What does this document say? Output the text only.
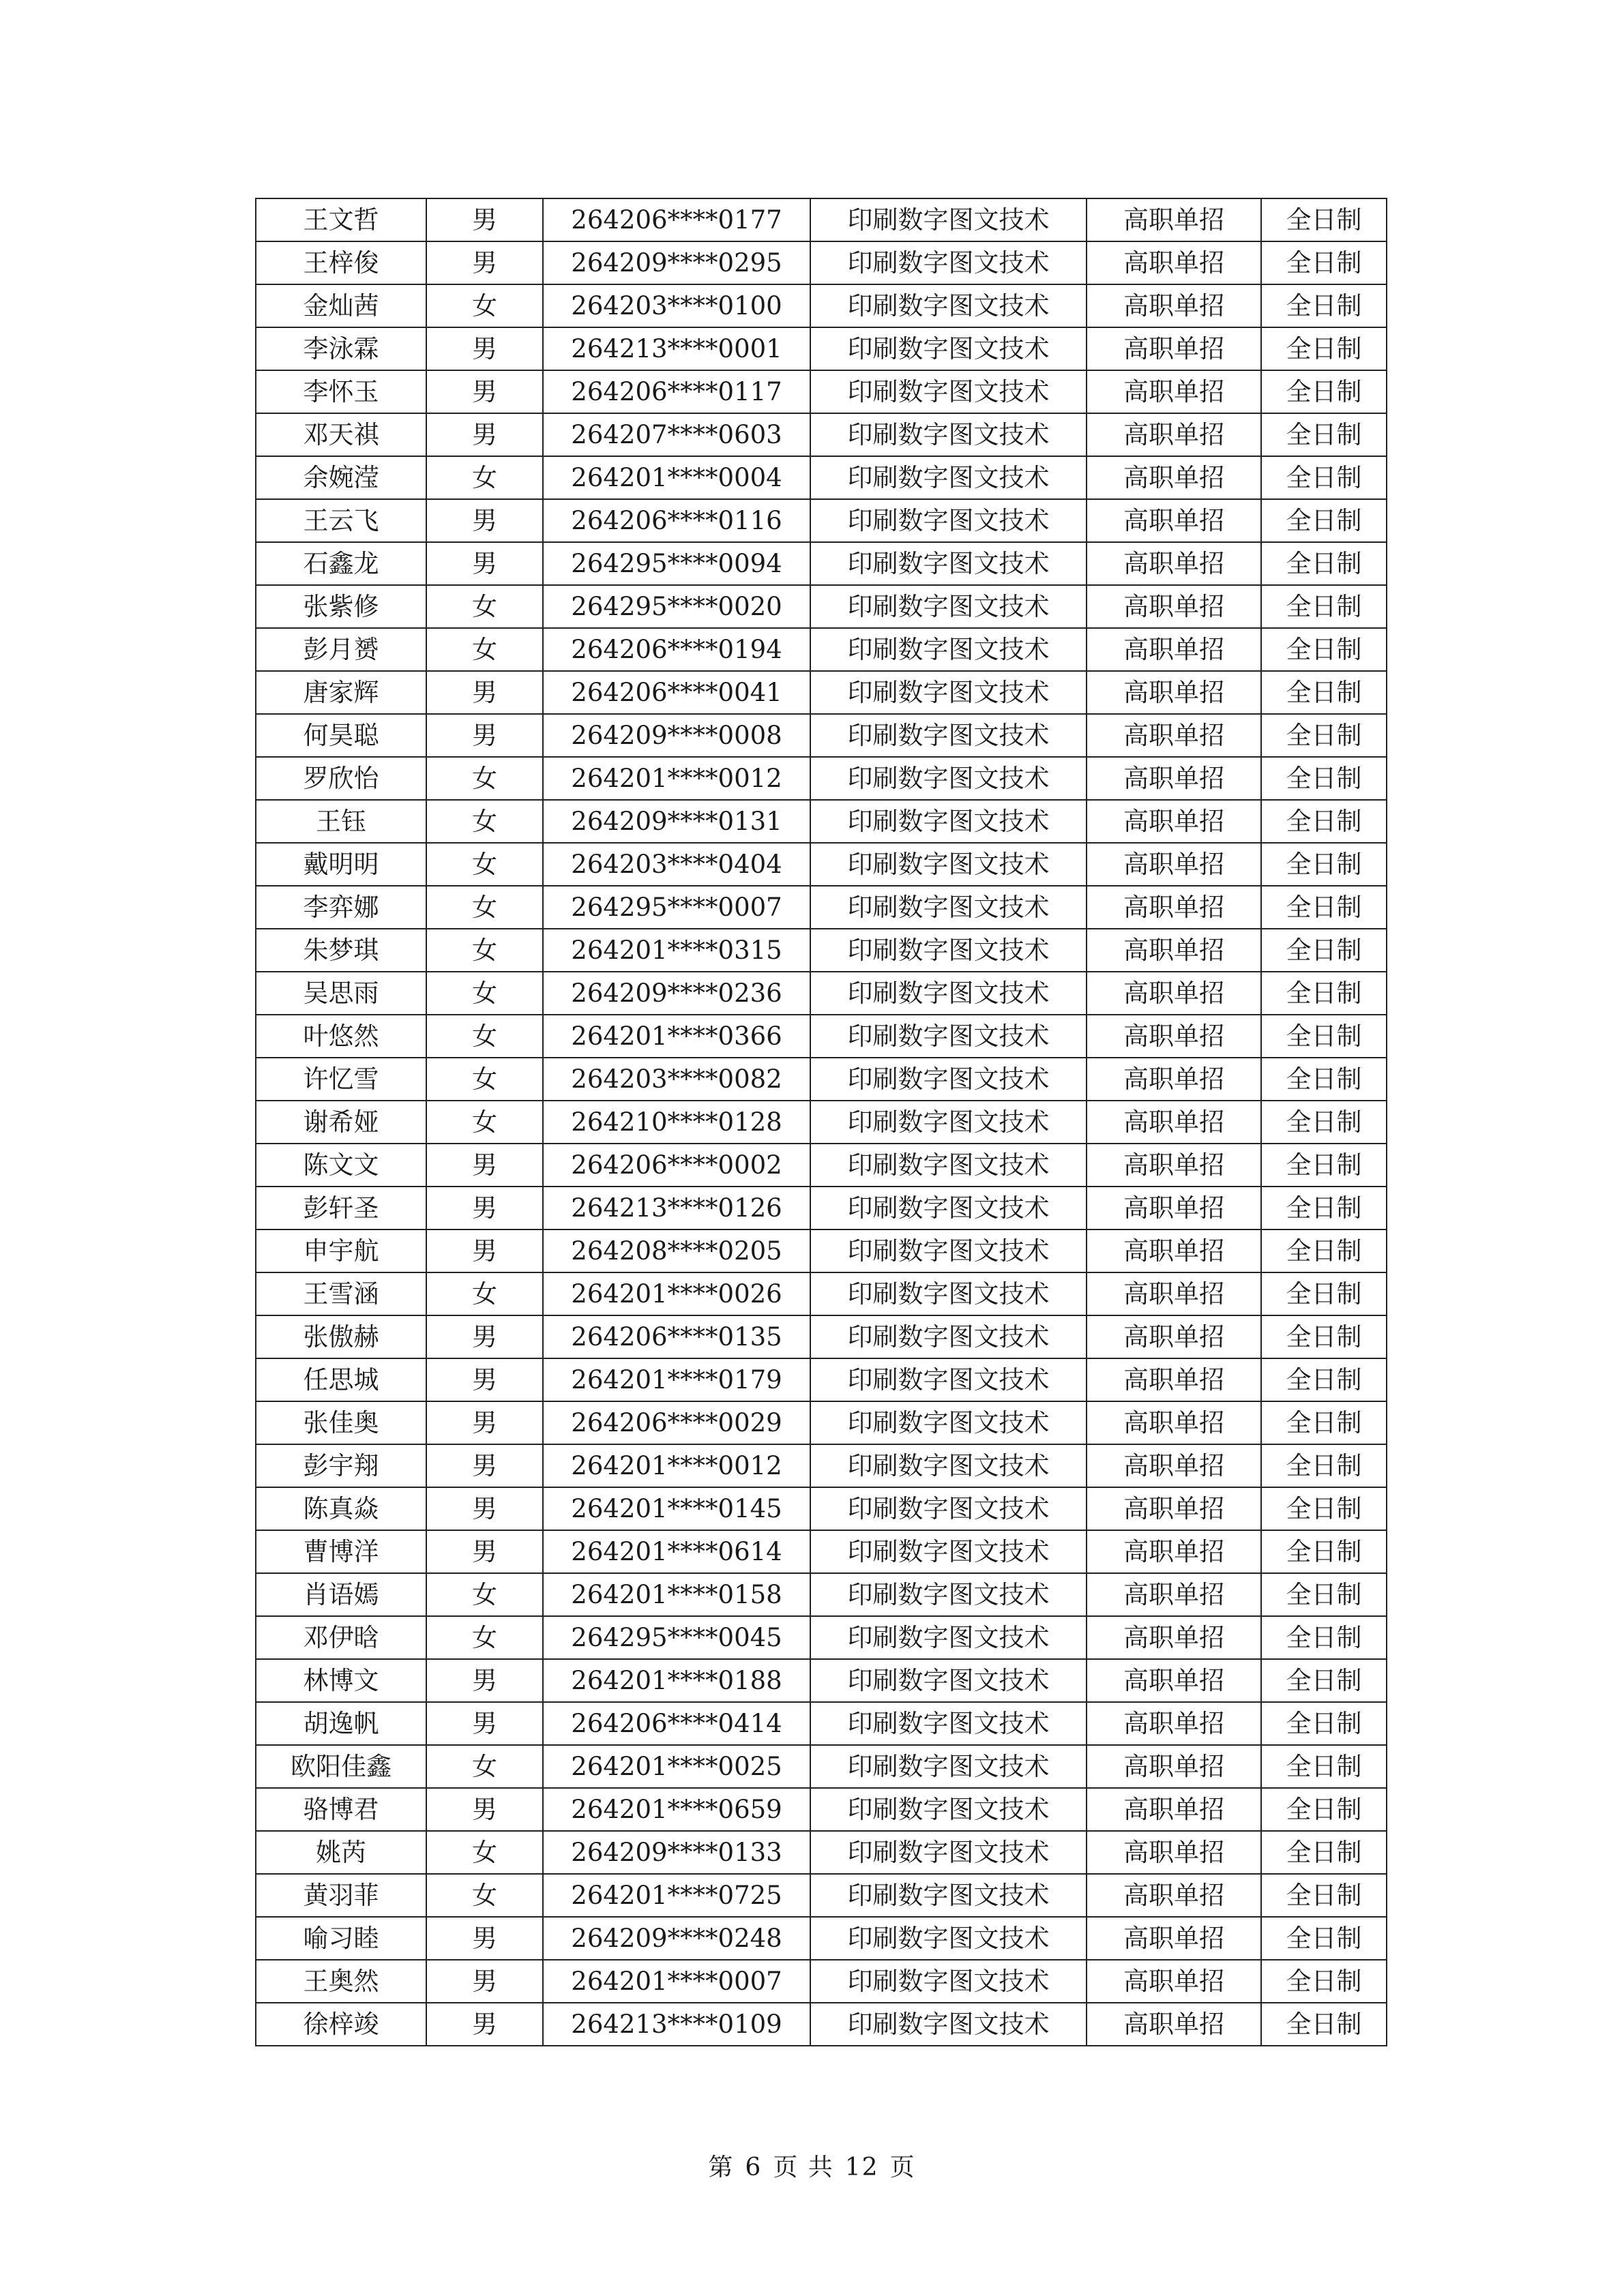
王文哲	男	264206****0177	印刷数字图文技术	高职单招	全日制
王梓俊	男	264209****0295	印刷数字图文技术	高职单招	全日制
金灿茜	女	264203****0100	印刷数字图文技术	高职单招	全日制
李泳霖	男	264213****0001	印刷数字图文技术	高职单招	全日制
李怀玉	男	264206****0117	印刷数字图文技术	高职单招	全日制
邓天祺	男	264207****0603	印刷数字图文技术	高职单招	全日制
余婉滢	女	264201****0004	印刷数字图文技术	高职单招	全日制
王云飞	男	264206****0116	印刷数字图文技术	高职单招	全日制
石鑫龙	男	264295****0094	印刷数字图文技术	高职单招	全日制
张紫修	女	264295****0020	印刷数字图文技术	高职单招	全日制
彭月赟	女	264206****0194	印刷数字图文技术	高职单招	全日制
唐家辉	男	264206****0041	印刷数字图文技术	高职单招	全日制
何昊聪	男	264209****0008	印刷数字图文技术	高职单招	全日制
罗欣怡	女	264201****0012	印刷数字图文技术	高职单招	全日制
王钰	女	264209****0131	印刷数字图文技术	高职单招	全日制
戴明明	女	264203****0404	印刷数字图文技术	高职单招	全日制
李弈娜	女	264295****0007	印刷数字图文技术	高职单招	全日制
朱梦琪	女	264201****0315	印刷数字图文技术	高职单招	全日制
吴思雨	女	264209****0236	印刷数字图文技术	高职单招	全日制
叶悠然	女	264201****0366	印刷数字图文技术	高职单招	全日制
许忆雪	女	264203****0082	印刷数字图文技术	高职单招	全日制
谢希娅	女	264210****0128	印刷数字图文技术	高职单招	全日制
陈文文	男	264206****0002	印刷数字图文技术	高职单招	全日制
彭轩圣	男	264213****0126	印刷数字图文技术	高职单招	全日制
申宇航	男	264208****0205	印刷数字图文技术	高职单招	全日制
王雪涵	女	264201****0026	印刷数字图文技术	高职单招	全日制
张傲赫	男	264206****0135	印刷数字图文技术	高职单招	全日制
任思城	男	264201****0179	印刷数字图文技术	高职单招	全日制
张佳奥	男	264206****0029	印刷数字图文技术	高职单招	全日制
彭宇翔	男	264201****0012	印刷数字图文技术	高职单招	全日制
陈真焱	男	264201****0145	印刷数字图文技术	高职单招	全日制
曹博洋	男	264201****0614	印刷数字图文技术	高职单招	全日制
肖语嫣	女	264201****0158	印刷数字图文技术	高职单招	全日制
邓伊晗	女	264295****0045	印刷数字图文技术	高职单招	全日制
林博文	男	264201****0188	印刷数字图文技术	高职单招	全日制
胡逸帆	男	264206****0414	印刷数字图文技术	高职单招	全日制
欧阳佳鑫	女	264201****0025	印刷数字图文技术	高职单招	全日制
骆博君	男	264201****0659	印刷数字图文技术	高职单招	全日制
姚芮	女	264209****0133	印刷数字图文技术	高职单招	全日制
黄羽菲	女	264201****0725	印刷数字图文技术	高职单招	全日制
喻习睦	男	264209****0248	印刷数字图文技术	高职单招	全日制
王奥然	男	264201****0007	印刷数字图文技术	高职单招	全日制
徐梓竣	男	264213****0109	印刷数字图文技术	高职单招	全日制
第 6 页 共 12 页
